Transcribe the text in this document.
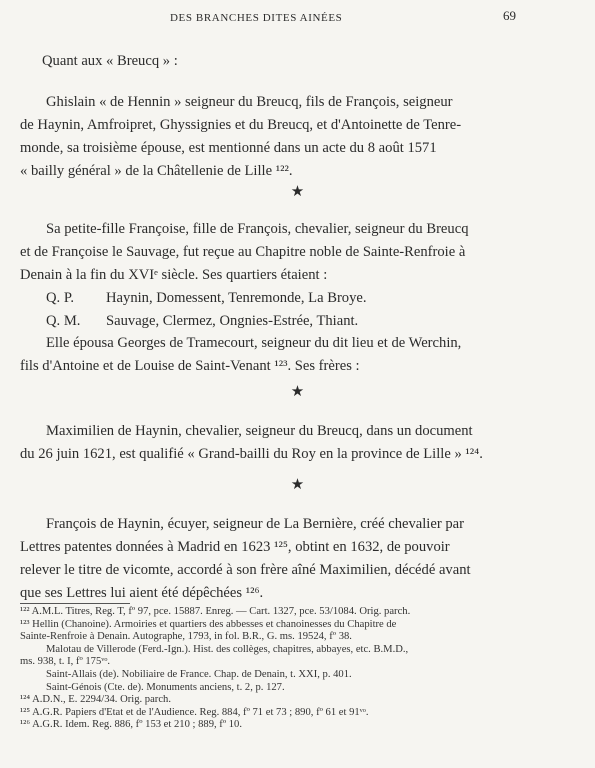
DES BRANCHES DITES AINÉES	69
Quant aux « Breucq » :
Ghislain « de Hennin » seigneur du Breucq, fils de François, seigneur
de Haynin, Amfroipret, Ghyssignies et du Breucq, et d'Antoinette de Tenre-
monde, sa troisième épouse, est mentionné dans un acte du 8 août 1571
« bailly général » de la Châtellenie de Lille ¹²².
★
Sa petite-fille Françoise, fille de François, chevalier, seigneur du Breucq
et de Françoise le Sauvage, fut reçue au Chapitre noble de Sainte-Renfroie à
Denain à la fin du XVIᵉ siècle. Ses quartiers étaient :
Q. P. Haynin, Domessent, Tenremonde, La Broye.
Q. M. Sauvage, Clermez, Ongnies-Estrée, Thiant.
Elle épousa Georges de Tramecourt, seigneur du dit lieu et de Werchin,
fils d'Antoine et de Louise de Saint-Venant ¹²³. Ses frères :
★
Maximilien de Haynin, chevalier, seigneur du Breucq, dans un document
du 26 juin 1621, est qualifié « Grand-bailli du Roy en la province de Lille » ¹²⁴.
★
François de Haynin, écuyer, seigneur de La Bernière, créé chevalier par
Lettres patentes données à Madrid en 1623 ¹²⁵, obtint en 1632, de pouvoir
relever le titre de vicomte, accordé à son frère aîné Maximilien, décédé avant
que ses Lettres lui aient été dépêchées ¹²⁶.
¹²² A.M.L. Titres, Reg. T, fº 97, pce. 15887. Enreg. — Cart. 1327, pce. 53/1084. Orig. parch.
¹²³ Hellin (Chanoine). Armoiries et quartiers des abbesses et chanoinesses du Chapitre de
Sainte-Renfroie à Denain. Autographe, 1793, in fol. B.R., G. ms. 19524, fº 38.
Malotau de Villerode (Ferd.-Ign.). Hist. des collèges, chapitres, abbayes, etc. B.M.D.,
ms. 938, t. I, fº 175ᵛᵒ.
Saint-Allais (de). Nobiliaire de France. Chap. de Denain, t. XXI, p. 401.
Saint-Génois (Cte. de). Monuments anciens, t. 2, p. 127.
¹²⁴ A.D.N., E. 2294/34. Orig. parch.
¹²⁵ A.G.R. Papiers d'Etat et de l'Audience. Reg. 884, fº 71 et 73 ; 890, fº 61 et 91ᵛᵒ.
¹²⁶ A.G.R. Idem. Reg. 886, fº 153 et 210 ; 889, fº 10.
